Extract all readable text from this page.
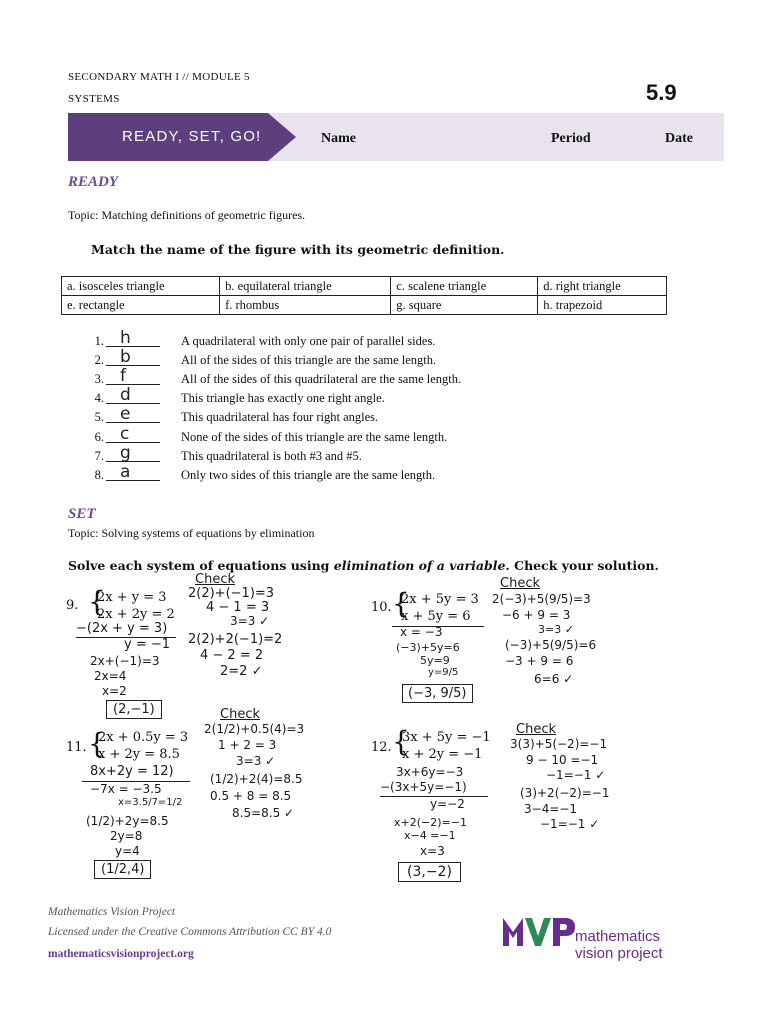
SECONDARY MATH I // MODULE 5
SYSTEMS	5.9
READY, SET, GO!	Name	Period	Date
READY
Topic: Matching definitions of geometric figures.
Match the name of the figure with its geometric definition.
a. isosceles triangle	b. equilateral triangle	c. scalene triangle	d. right triangle
e. rectangle	f. rhombus	g. square	h. trapezoid
1. h	A quadrilateral with only one pair of parallel sides.
2. b	All of the sides of this triangle are the same length.
3. f	All of the sides of this quadrilateral are the same length.
4. d	This triangle has exactly one right angle.
5. e	This quadrilateral has four right angles.
6. c	None of the sides of this triangle are the same length.
7. g	This quadrilateral is both #3 and #5.
8. a	Only two sides of this triangle are the same length.
SET
Topic: Solving systems of equations by elimination
Solve each system of equations using elimination of a variable. Check your solution.
9. {
2x + y = 3
2x + 2y = 2
−(2x + y = 3)
y = −1
2x+(−1)=3
2x=4
x=2
(2,−1)
Check
2(2)+(−1)=3
4 − 1 = 3
3=3 ✓
2(2)+2(−1)=2
4 − 2 = 2
2=2 ✓
10. {
2x + 5y = 3
x + 5y = 6
x = −3
(−3)+5y=6
5y=9
y=9/5
(−3, 9/5)
Check
2(−3)+5(9/5)=3
−6 + 9 = 3
3=3 ✓
(−3)+5(9/5)=6
−3 + 9 = 6
6=6 ✓
11. {
2x + 0.5y = 3
x + 2y = 8.5
8x+2y = 12)
−7x = −3.5
x=3.5/7=1/2
(1/2)+2y=8.5
2y=8
y=4
(1/2,4)
Check
2(1/2)+0.5(4)=3
1 + 2 = 3
3=3 ✓
(1/2)+2(4)=8.5
0.5 + 8 = 8.5
8.5=8.5 ✓
12. {
3x + 5y = −1
x + 2y = −1
3x+6y=−3
−(3x+5y=−1)
y=−2
x+2(−2)=−1
x−4 =−1
x=3
(3,−2)
Check
3(3)+5(−2)=−1
9 − 10 =−1
−1=−1 ✓
(3)+2(−2)=−1
3−4=−1
−1=−1 ✓
Mathematics Vision Project
Licensed under the Creative Commons Attribution CC BY 4.0
mathematicsvisionproject.org
mathematics
vision project
